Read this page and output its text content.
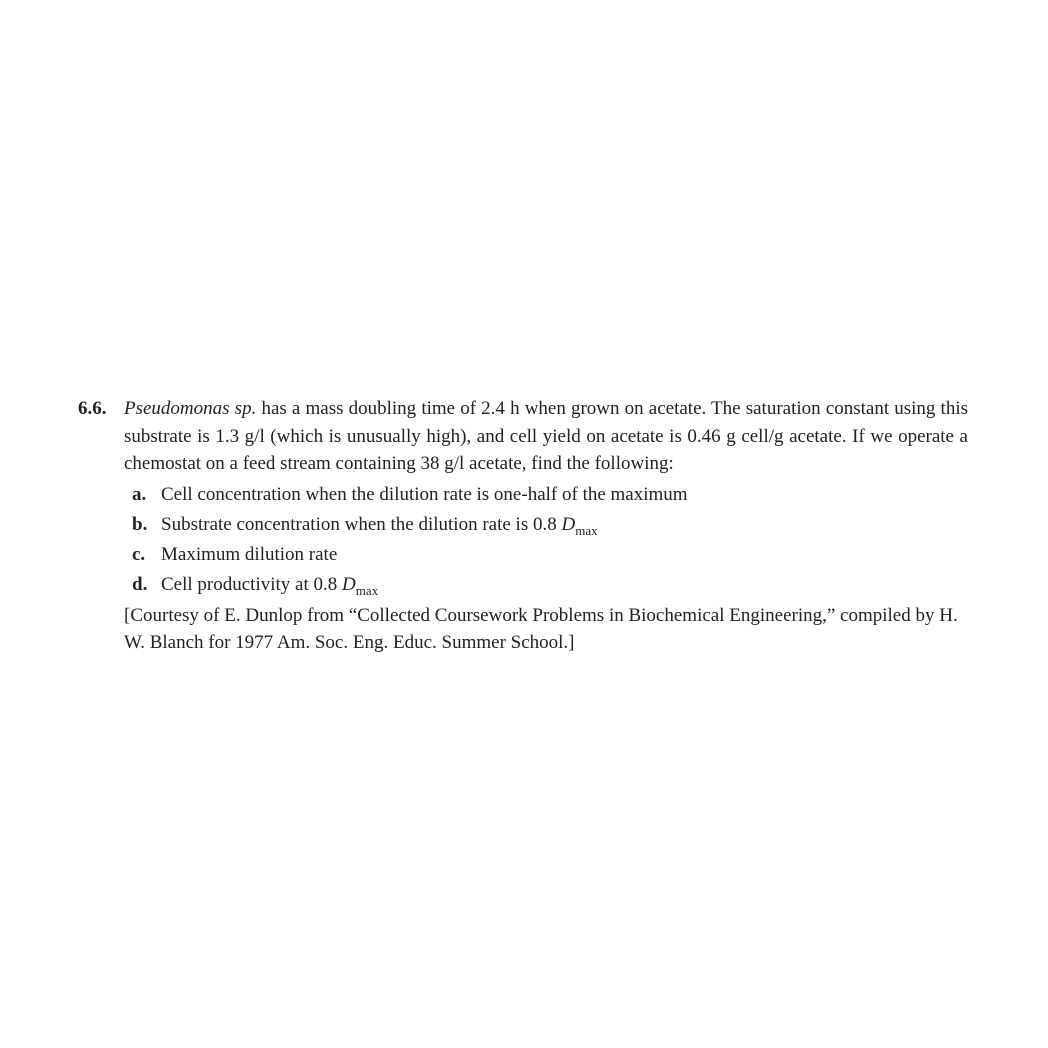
6.6. Pseudomonas sp. has a mass doubling time of 2.4 h when grown on acetate. The saturation constant using this substrate is 1.3 g/l (which is unusually high), and cell yield on acetate is 0.46 g cell/g acetate. If we operate a chemostat on a feed stream containing 38 g/l acetate, find the following:

a. Cell concentration when the dilution rate is one-half of the maximum
b. Substrate concentration when the dilution rate is 0.8 $D_{max}$
c. Maximum dilution rate
d. Cell productivity at 0.8 $D_{max}$

[Courtesy of E. Dunlop from “Collected Coursework Problems in Biochemical Engineering,” compiled by H. W. Blanch for 1977 Am. Soc. Eng. Educ. Summer School.]
